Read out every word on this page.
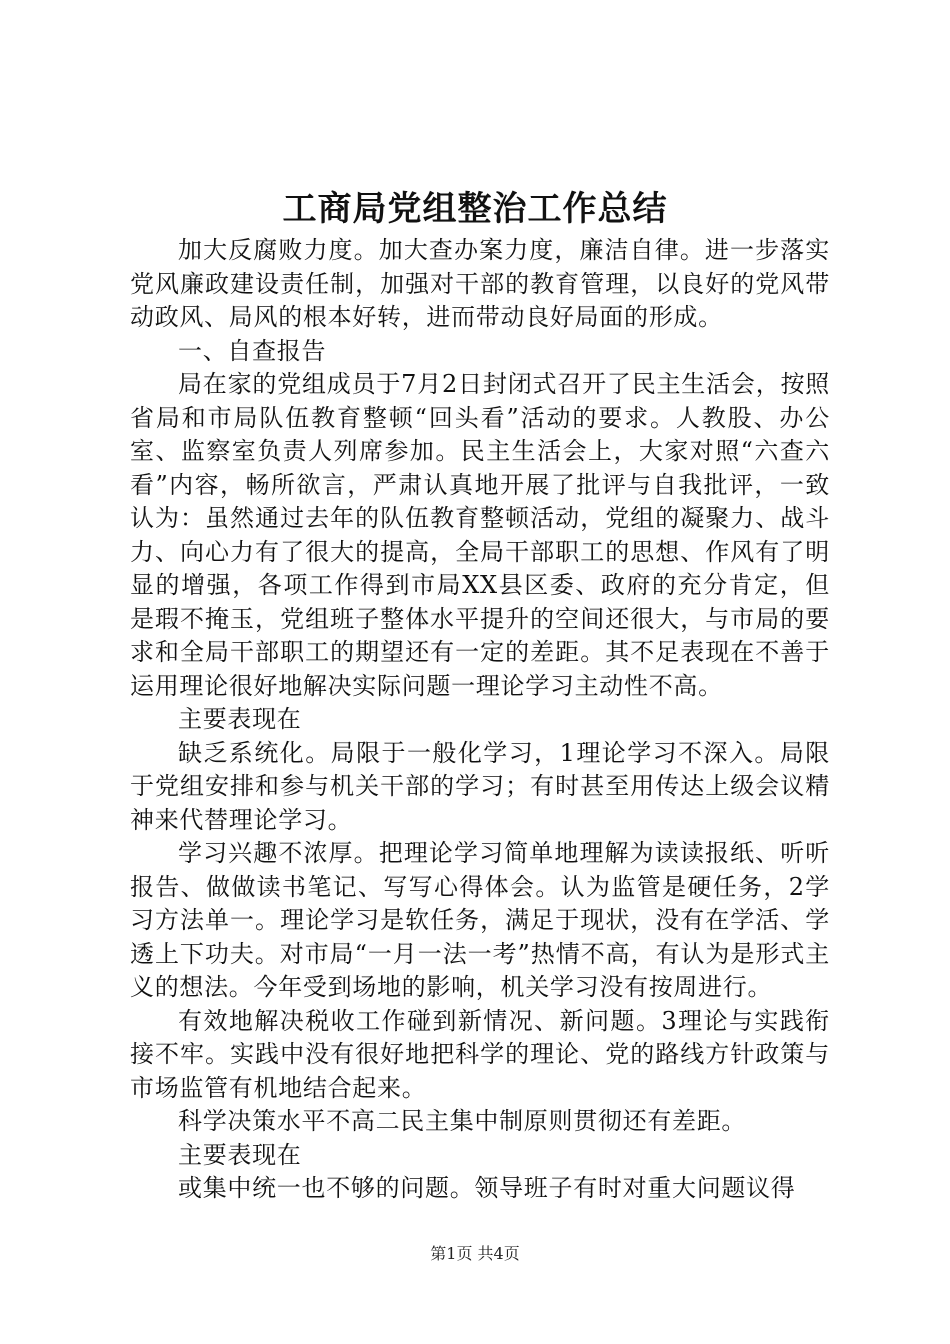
工商局党组整治工作总结

加大反腐败力度。加大查办案力度，廉洁自律。进一步落实党风廉政建设责任制，加强对干部的教育管理，以良好的党风带动政风、局风的根本好转，进而带动良好局面的形成。

一、自查报告

局在家的党组成员于7月2日封闭式召开了民主生活会，按照省局和市局队伍教育整顿“回头看”活动的要求。人教股、办公室、监察室负责人列席参加。民主生活会上，大家对照“六查六看”内容，畅所欲言，严肃认真地开展了批评与自我批评，一致认为：虽然通过去年的队伍教育整顿活动，党组的凝聚力、战斗力、向心力有了很大的提高，全局干部职工的思想、作风有了明显的增强，各项工作得到市局XX县区委、政府的充分肯定，但是瑕不掩玉，党组班子整体水平提升的空间还很大，与市局的要求和全局干部职工的期望还有一定的差距。其不足表现在不善于运用理论很好地解决实际问题一理论学习主动性不高。

主要表现在

缺乏系统化。局限于一般化学习，1理论学习不深入。局限于党组安排和参与机关干部的学习；有时甚至用传达上级会议精神来代替理论学习。

学习兴趣不浓厚。把理论学习简单地理解为读读报纸、听听报告、做做读书笔记、写写心得体会。认为监管是硬任务，2学习方法单一。理论学习是软任务，满足于现状，没有在学活、学透上下功夫。对市局“一月一法一考”热情不高，有认为是形式主义的想法。今年受到场地的影响，机关学习没有按周进行。

有效地解决税收工作碰到新情况、新问题。3理论与实践衔接不牢。实践中没有很好地把科学的理论、党的路线方针政策与市场监管有机地结合起来。

科学决策水平不高二民主集中制原则贯彻还有差距。

主要表现在

或集中统一也不够的问题。领导班子有时对重大问题议得

第1页 共4页
